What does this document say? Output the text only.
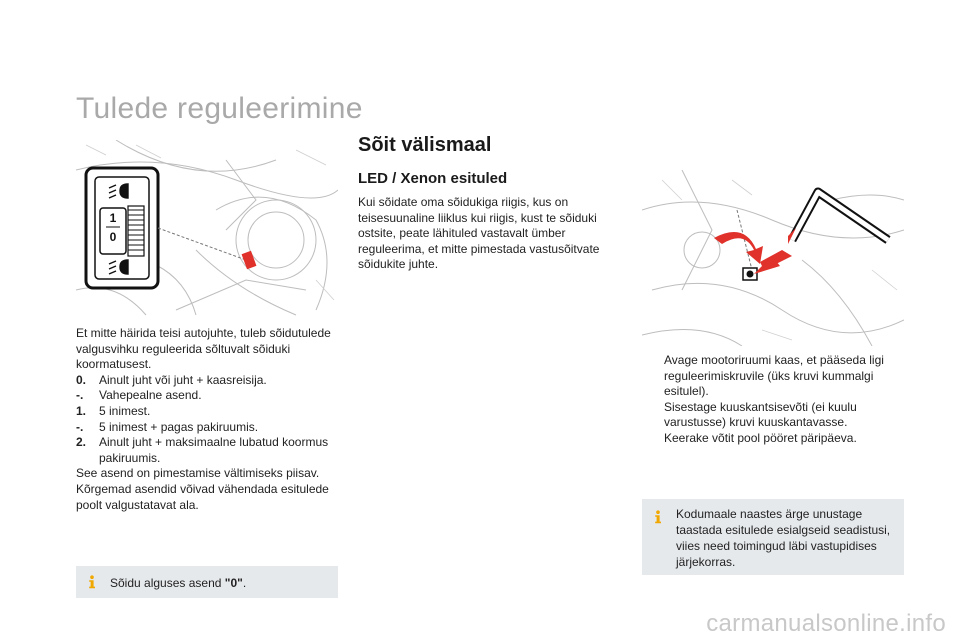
Tulede reguleerimine
1
0

Et mitte häirida teisi autojuhte, tuleb sõidutulede valgusvihku reguleerida sõltuvalt sõiduki koormatusest.

0.	Ainult juht või juht + kaasreisija.
-.	Vahepealne asend.
1.	5 inimest.
-.	5 inimest + pagas pakiruumis.
2.	Ainult juht + maksimaalne lubatud koormus pakiruumis.

See asend on pimestamise vältimiseks piisav. Kõrgemad asendid võivad vähendada esitulede poolt valgustatavat ala.

Sõidu alguses asend "0".
Sõit välismaal
LED / Xenon esituled
Kui sõidate oma sõidukiga riigis, kus on teisesuunaline liiklus kui riigis, kust te sõiduki ostsite, peate lähituled vastavalt ümber reguleerima, et mitte pimestada vastusõitvate sõidukite juhte.
Avage mootoriruumi kaas, et pääseda ligi reguleerimiskruvile (üks kruvi kummalgi esitulel).
Sisestage kuuskantsisevõti (ei kuulu varustusse) kruvi kuuskantavasse.
Keerake võtit pool pööret päripäeva.
Kodumaale naastes ärge unustage taastada esitulede esialgseid seadistusi, viies need toimingud läbi vastupidises järjekorras.
carmanualsonline.info
